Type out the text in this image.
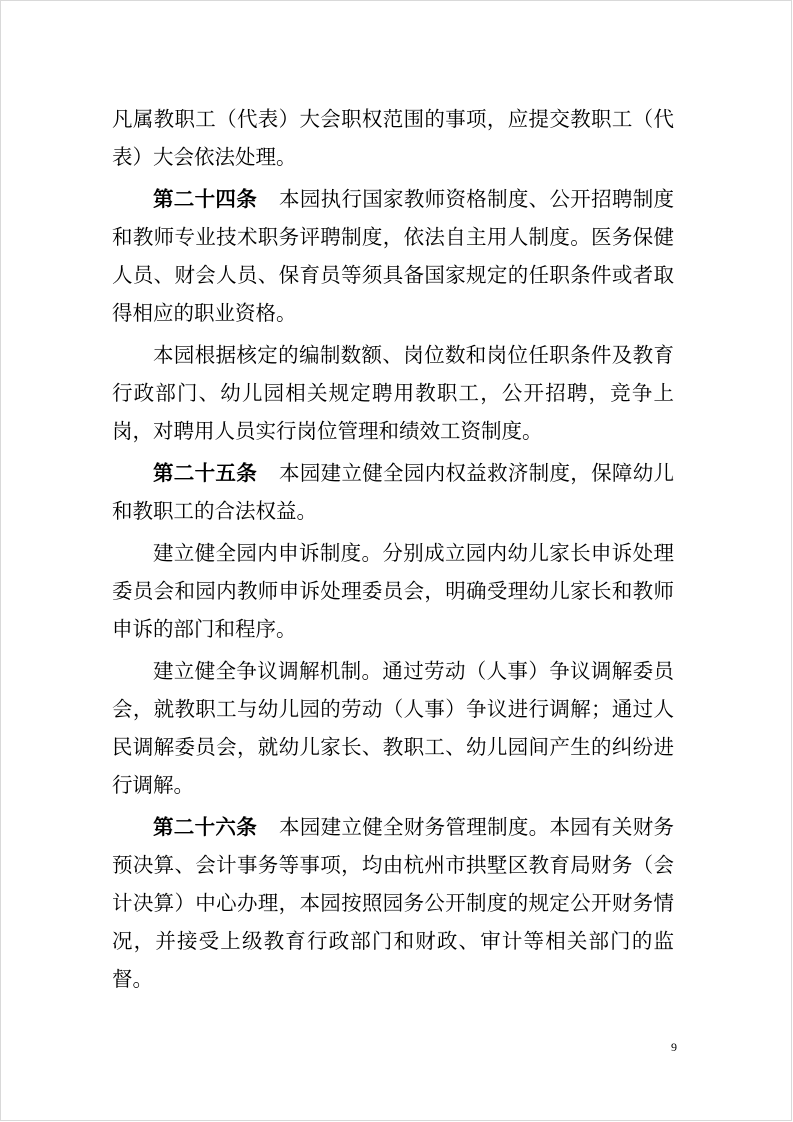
凡属教职工（代表）大会职权范围的事项，应提交教职工（代表）大会依法处理。

第二十四条 本园执行国家教师资格制度、公开招聘制度和教师专业技术职务评聘制度，依法自主用人制度。医务保健人员、财会人员、保育员等须具备国家规定的任职条件或者取得相应的职业资格。

本园根据核定的编制数额、岗位数和岗位任职条件及教育行政部门、幼儿园相关规定聘用教职工，公开招聘，竞争上岗，对聘用人员实行岗位管理和绩效工资制度。

第二十五条 本园建立健全园内权益救济制度，保障幼儿和教职工的合法权益。

建立健全园内申诉制度。分别成立园内幼儿家长申诉处理委员会和园内教师申诉处理委员会，明确受理幼儿家长和教师申诉的部门和程序。

建立健全争议调解机制。通过劳动（人事）争议调解委员会，就教职工与幼儿园的劳动（人事）争议进行调解；通过人民调解委员会，就幼儿家长、教职工、幼儿园间产生的纠纷进行调解。

第二十六条 本园建立健全财务管理制度。本园有关财务预决算、会计事务等事项，均由杭州市拱墅区教育局财务（会计决算）中心办理，本园按照园务公开制度的规定公开财务情况，并接受上级教育行政部门和财政、审计等相关部门的监督。

9
